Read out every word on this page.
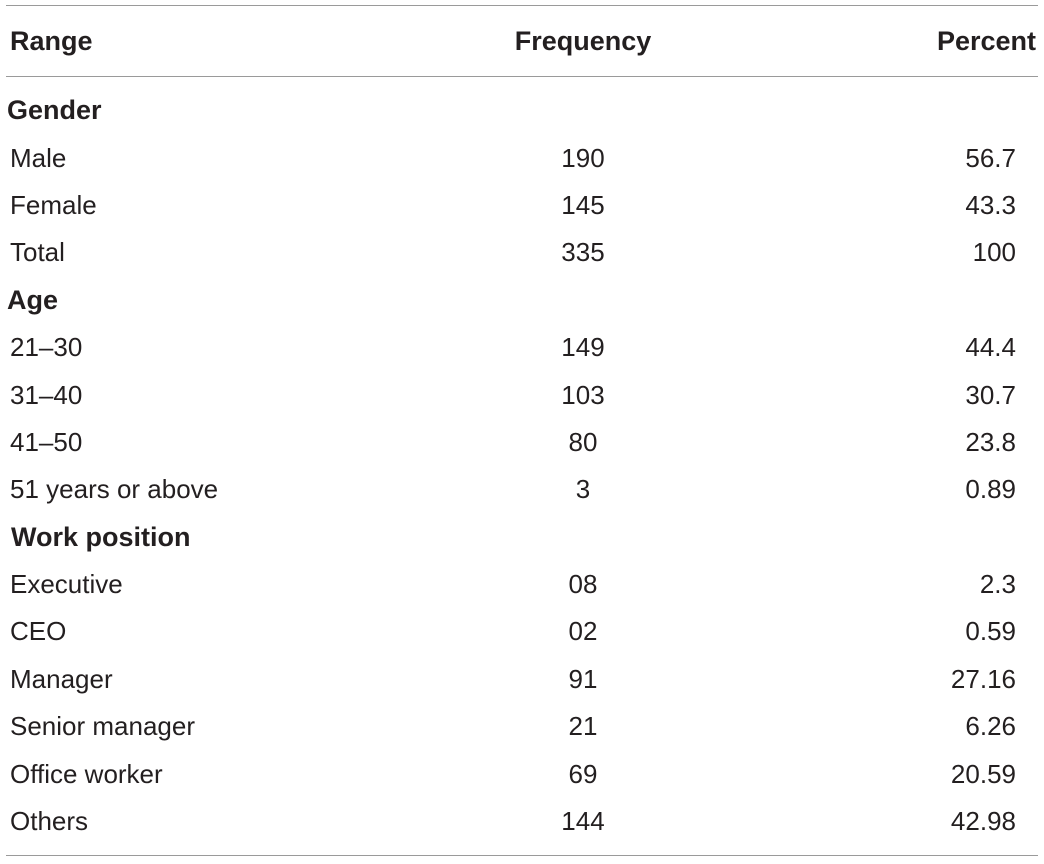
Range	Frequency	Percent
Gender
Male	190	56.7
Female	145	43.3
Total	335	100
Age
21–30	149	44.4
31–40	103	30.7
41–50	80	23.8
51 years or above	3	0.89
Work position
Executive	08	2.3
CEO	02	0.59
Manager	91	27.16
Senior manager	21	6.26
Office worker	69	20.59
Others	144	42.98
